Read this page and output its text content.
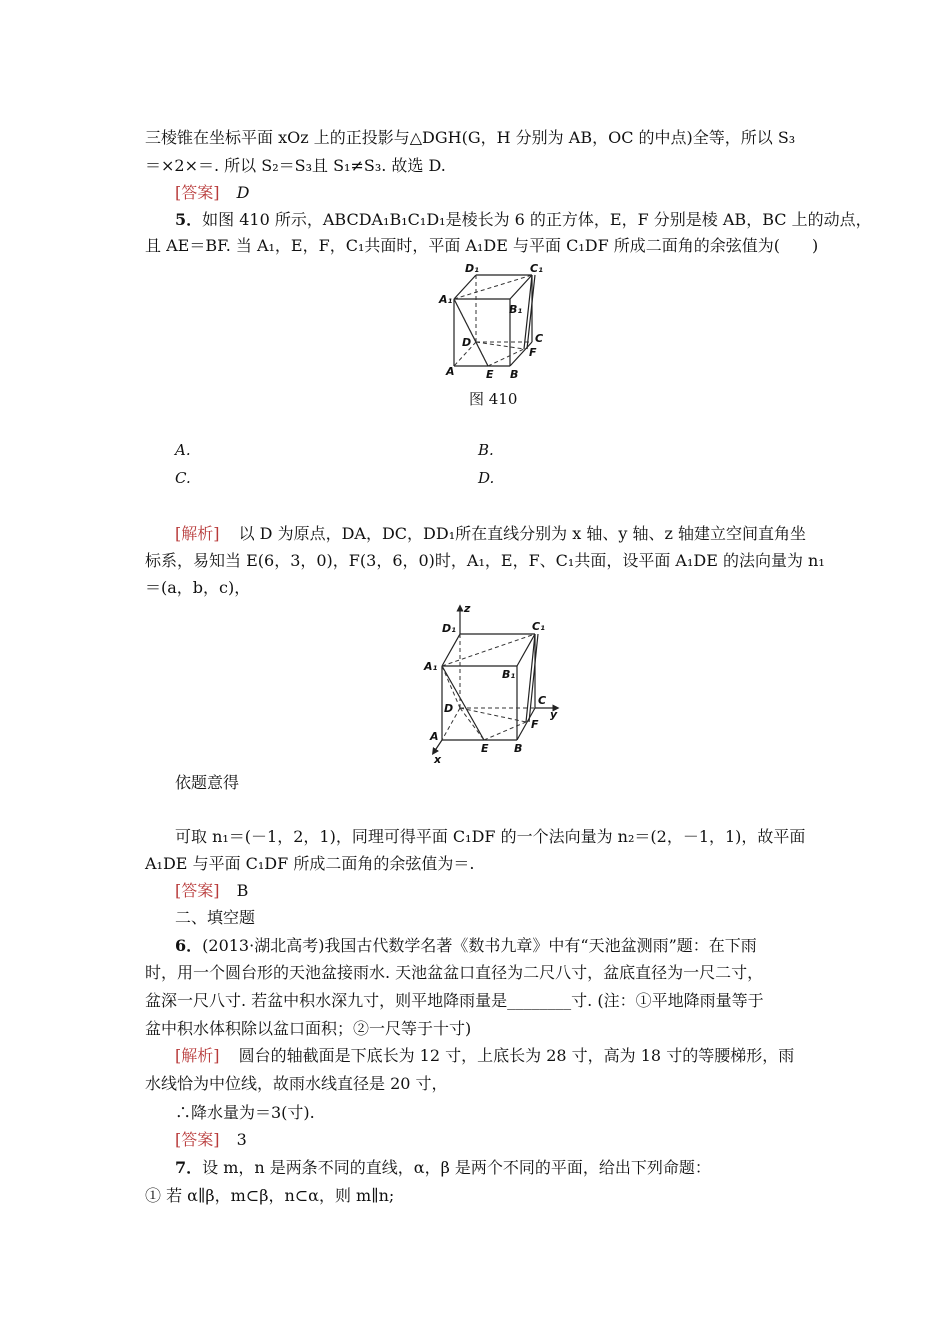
三棱锥在坐标平面 xOz 上的正投影与△DGH(G，H 分别为 AB，OC 的中点)全等，所以 S₃
＝×2×＝. 所以 S₂＝S₃且 S₁≠S₃. 故选 D.
[答案] D
5．如图 410 所示，ABCDA₁B₁C₁D₁是棱长为 6 的正方体，E，F 分别是棱 AB，BC 上的动点，
且 AE＝BF. 当 A₁，E，F，C₁共面时，平面 A₁DE 与平面 C₁DF 所成二面角的余弦值为(　　)
D₁	C₁
A₁
B₁
D	C
F
A	E B
图 410
A.	B.
C.	D.
[解析] 以 D 为原点，DA，DC，DD₁所在直线分别为 x 轴、y 轴、z 轴建立空间直角坐
标系，易知当 E(6，3，0)，F(3，6，0)时，A₁，E，F、C₁共面，设平面 A₁DE 的法向量为 n₁
＝(a，b，c)，
z
D₁	C₁
A₁
B₁
D
C
y
F
A
E B
x
依题意得
可取 n₁＝(－1，2，1)，同理可得平面 C₁DF 的一个法向量为 n₂＝(2，－1，1)，故平面
A₁DE 与平面 C₁DF 所成二面角的余弦值为＝.
[答案] B
二、填空题
6．(2013·湖北高考)我国古代数学名著《数书九章》中有“天池盆测雨”题：在下雨
时，用一个圆台形的天池盆接雨水. 天池盆盆口直径为二尺八寸，盆底直径为一尺二寸，
盆深一尺八寸. 若盆中积水深九寸，则平地降雨量是________寸. (注：①平地降雨量等于
盆中积水体积除以盆口面积；②一尺等于十寸)
[解析] 圆台的轴截面是下底长为 12 寸，上底长为 28 寸，高为 18 寸的等腰梯形，雨
水线恰为中位线，故雨水线直径是 20 寸，
∴降水量为＝3(寸).
[答案] 3
7．设 m，n 是两条不同的直线，α，β 是两个不同的平面，给出下列命题：
① 若 α∥β，m⊂β，n⊂α，则 m∥n;
